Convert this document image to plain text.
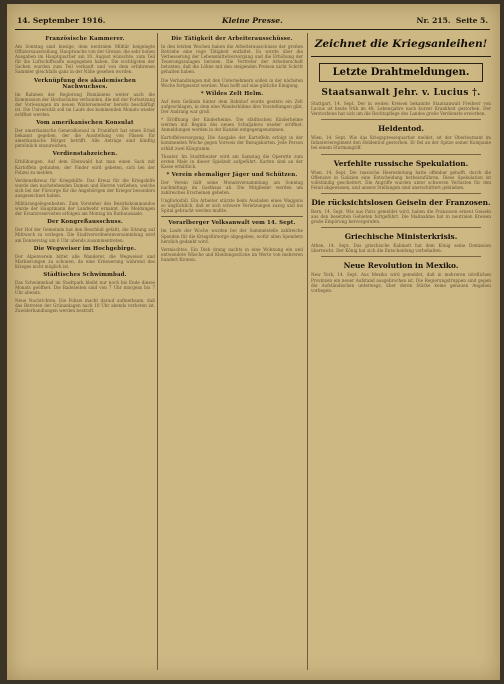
14. September 1916.	Kleine Presse.	Nr. 215. Seite 5.
Französische Kammerer.

Am Sonntag sind hiesige, dem neutralen Militär beigelegte Offiziersausstellung, Hauptwache von der Grenze, die sehr hohen Ausgaben im Hauptquartier am 10. August wünschte, zum Teil für die Luftschiffwaffe ausgegeben haben. Die wichtigsten der Sachen wurden zum Teil verkauft und von dem erfahrenen Sammler gleichfalls ganz in der Nähe gesehen worden.

Verknüpfung des akademischen Nachwuchses.

Im Rahmen der Regierung Rumäniens weiter auch die Kommission der Hochschulen verbunden, die mit der Fortsetzung der Vorlesungen im neuen Wintersemester bereits beschäftigt ist. Die Universität soll im Laufe des kommenden Monats wieder eröffnet werden.

Vom amerikanischen Konsulat

Der amerikanische Generalkonsul in Frankfurt hat einen Erlaß bekannt gegeben, der die Ausstellung von Pässen für amerikanische Bürger betrifft. Alle Anträge sind künftig persönlich einzureichen.

Verdienstabzeichen.

Erblühungen. Auf dem Ebenwald hat man einen Sack mit Kartoffeln gefunden; der Finder wird gebeten, sich bei der Polizei zu melden.

Verdienstkreuz für Kriegshilfe. Das Kreuz für die Kriegshilfe wurde den nachstehenden Damen und Herren verliehen, welche sich bei der Fürsorge für die Angehörigen der Krieger besonders ausgezeichnet haben.

Militärangelegenheiten. Zum Vorsteher des Bezirkskommandos wurde der Hauptmann der Landwehr ernannt. Die Meldungen der Ersatzreservisten erfolgen am Montag im Rathaussaale.

Der Kongreßausschuss.

Der Hof der Gemeinde hat den Beschluß gefaßt, die Sitzung auf Mittwoch zu verlegen. Die Stadtverordnetenversammlung wird am Donnerstag um 6 Uhr abends zusammentreten.

Die Wegweiser im Hochgebirge.

Der Alpenverein bittet alle Wanderer, die Wegweiser und Markierungen zu schonen, da eine Erneuerung während des Krieges nicht möglich ist.

Städtisches Schwimmbad.

Das Schwimmbad im Stadtpark bleibt nur noch bis Ende dieses Monats geöffnet. Die Badezeiten sind von 7 Uhr morgens bis 7 Uhr abends.

Neue Nachrichten. Die Polizei macht darauf aufmerksam, daß das Betreten der Grünanlagen nach 10 Uhr abends verboten ist. Zuwiderhandlungen werden bestraft.

Die Tätigkeit der Arbeiterausschüsse.

In den letzten Wochen haben die Arbeiterausschüsse der großen Betriebe eine rege Tätigkeit entfaltet. Es wurde über die Verbesserung der Lebensmittelversorgung und die Erhöhung der Teuerungszulagen beraten. Die Vertreter der Arbeiterschaft betonten, daß die Löhne mit den steigenden Preisen nicht Schritt gehalten haben.

Die Verhandlungen mit den Unternehmern sollen in der nächsten Woche fortgesetzt werden. Man hofft auf eine gütliche Einigung.

* Wildes Zelt Helm.

Auf dem Gelände hinter dem Bahnhof wurde gestern ein Zelt aufgeschlagen, in dem eine Wanderbühne ihre Vorstellungen gibt. Der Andrang war groß.

* Eröffnung der Kinderheime. Die städtischen Kinderheime werden mit Beginn des neuen Schuljahres wieder eröffnet. Anmeldungen werden in der Kanzlei entgegengenommen.

Kartoffelversorgung. Die Ausgabe der Kartoffeln erfolgt in der kommenden Woche gegen Vorweis der Bezugskarten. Jede Person erhält zwei Kilogramm.

Theater. Im Stadttheater wird am Samstag die Operette zum ersten Male in dieser Spielzeit aufgeführt. Karten sind an der Kasse erhältlich.

* Verein ehemaliger Jäger und Schützen.

Der Verein hält seine Monatsversammlung am Sonntag nachmittags im Gasthaus ab. Die Mitglieder werden um zahlreiches Erscheinen gebeten.

Unglücksfall. Ein Arbeiter stürzte beim Ausladen eines Waggons so unglücklich, daß er sich schwere Verletzungen zuzog und ins Spital gebracht werden mußte.

Vorarlberger Volksanwalt vom 14. Sept.

Im Laufe der Woche wurden bei der Sammelstelle zahlreiche Spenden für die Kriegsfürsorge abgegeben, wofür allen Spendern herzlich gedankt wird.

Vermischtes. Ein Dieb drang nachts in eine Wohnung ein und entwendete Wäsche und Kleidungsstücke im Werte von mehreren hundert Kronen.

Zeichnet die Kriegsanleihen!
Letzte Drahtmeldungen.
Staatsanwalt Jehr. v. Lucius †.

Stuttgart, 14. Sept. Der in weiten Kreisen bekannte Staatsanwalt Freiherr von Lucius ist heute früh im 48. Lebensjahre nach kurzer Krankheit gestorben. Der Verstorbene hat sich um die Rechtspflege des Landes große Verdienste erworben.

Heldentod.

Wien, 14. Sept. Wie das Kriegspressequartier meldet, ist der Oberleutnant im Infanterieregiment den Heldentod gestorben. Er fiel an der Spitze seiner Kompanie bei einem Sturmangriff.

Verfehlte russische Spekulation.

Wien, 14. Sept. Die russische Heeresleitung hatte offenbar gehofft, durch die Offensive in Galizien eine Entscheidung herbeizuführen. Diese Spekulation ist vollständig gescheitert. Die Angriffe wurden unter schweren Verlusten für den Feind abgewiesen, und unsere Stellungen sind unerschüttert geblieben.

Die rücksichtslosen Geiseln der Franzosen.

Bern, 14. Sept. Wie aus Paris gemeldet wird, haben die Franzosen erneut Geiseln aus den besetzten Gebieten fortgeführt. Die Maßnahme hat in neutralen Kreisen große Empörung hervorgerufen.

Griechische Ministerkrisis.

Athen, 14. Sept. Das griechische Kabinett hat dem König seine Demission überreicht. Der König hat sich die Entscheidung vorbehalten.

Neue Revolution in Mexiko.

New York, 14. Sept. Aus Mexiko wird gemeldet, daß in mehreren nördlichen Provinzen ein neuer Aufstand ausgebrochen ist. Die Regierungstruppen sind gegen die Aufständischen unterwegs, über deren Stärke keine genauen Angaben vorliegen.
